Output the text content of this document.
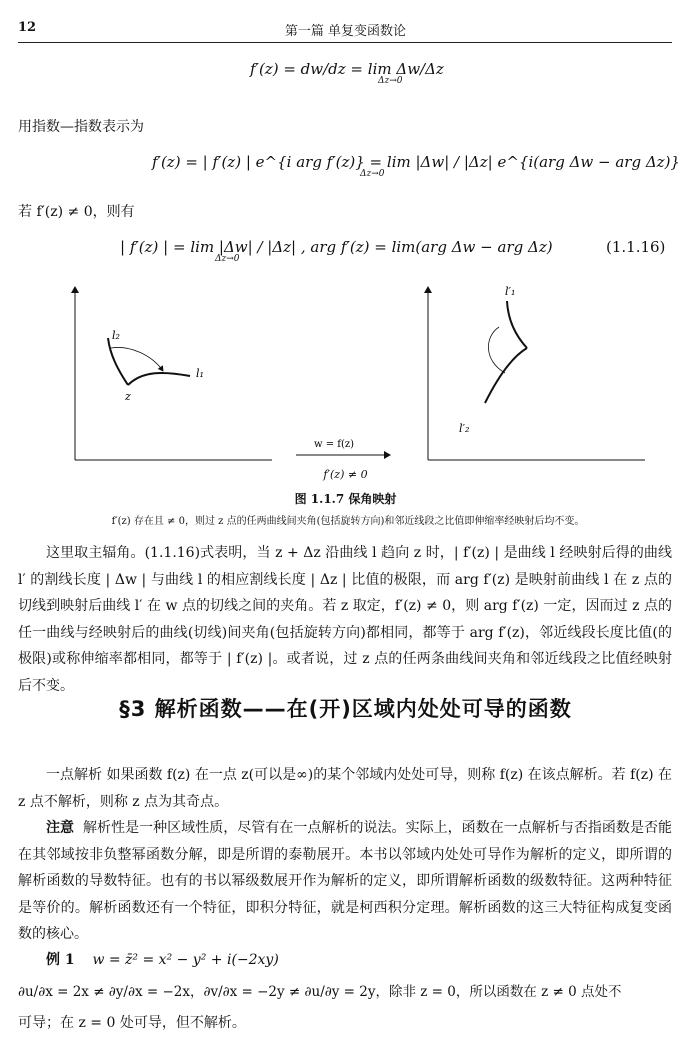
12	第一篇 单复变函数论
f′(z) = dw/dz = lim Δw/Δz
Δz→0
用指数—指数表示为
f′(z) = | f′(z) | e^{i arg f′(z)} = lim |Δw| / |Δz| e^{i(arg Δw − arg Δz)}
Δz→0
若 f′(z) ≠ 0，则有
| f′(z) | = lim |Δw| / |Δz| , arg f′(z) = lim(arg Δw − arg Δz)
Δz→0
(1.1.16)
l₂
l₁
z
w = f(z)
l′₁
l′₂
f′(z) ≠ 0
图 1.1.7 保角映射
f′(z) 存在且 ≠ 0，则过 z 点的任两曲线间夹角(包括旋转方向)和邻近线段之比值即伸缩率经映射后均不变。
这里取主辐角。(1.1.16)式表明，当 z + Δz 沿曲线 l 趋向 z 时，| f′(z) | 是曲线 l 经映射后得的曲线 l′ 的割线长度 | Δw | 与曲线 l 的相应割线长度 | Δz | 比值的极限，而 arg f′(z) 是映射前曲线 l 在 z 点的切线到映射后曲线 l′ 在 w 点的切线之间的夹角。若 z 取定，f′(z) ≠ 0，则 arg f′(z) 一定，因而过 z 点的任一曲线与经映射后的曲线(切线)间夹角(包括旋转方向)都相同，都等于 arg f′(z)，邻近线段长度比值(的极限)或称伸缩率都相同，都等于 | f′(z) |。或者说，过 z 点的任两条曲线间夹角和邻近线段之比值经映射后不变。
§3 解析函数——在(开)区域内处处可导的函数
一点解析 如果函数 f(z) 在一点 z(可以是∞)的某个邻域内处处可导，则称 f(z) 在该点解析。若 f(z) 在 z 点不解析，则称 z 点为其奇点。
注意 解析性是一种区域性质，尽管有在一点解析的说法。实际上，函数在一点解析与否指函数是否能在其邻域按非负整幂函数分解，即是所谓的泰勒展开。本书以邻域内处处可导作为解析的定义，即所谓的解析函数的导数特征。也有的书以幂级数展开作为解析的定义，即所谓解析函数的级数特征。这两种特征是等价的。解析函数还有一个特征，即积分特征，就是柯西积分定理。解析函数的这三大特征构成复变函数的核心。
例 1 w = z̄² = x² − y² + i(−2xy)
∂u/∂x = 2x ≠ ∂y/∂x = −2x，∂v/∂x = −2y ≠ ∂u/∂y = 2y，除非 z = 0，所以函数在 z ≠ 0 点处不
可导；在 z = 0 处可导，但不解析。
